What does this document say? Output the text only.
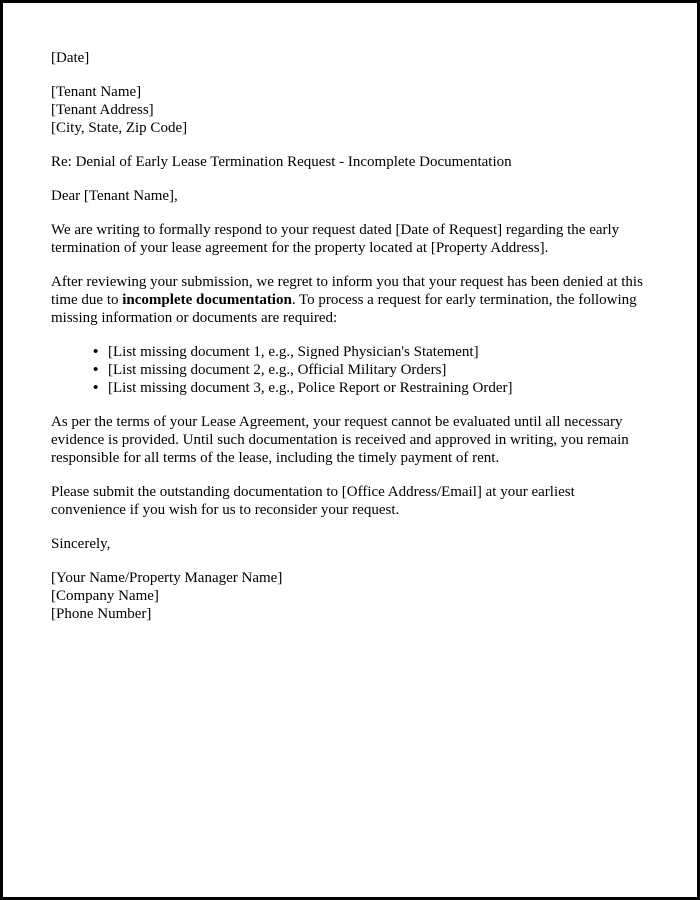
[Date]
[Tenant Name]
[Tenant Address]
[City, State, Zip Code]
Re: Denial of Early Lease Termination Request - Incomplete Documentation
Dear [Tenant Name],
We are writing to formally respond to your request dated [Date of Request] regarding the early termination of your lease agreement for the property located at [Property Address].
After reviewing your submission, we regret to inform you that your request has been denied at this time due to incomplete documentation. To process a request for early termination, the following missing information or documents are required:
• [List missing document 1, e.g., Signed Physician's Statement]
• [List missing document 2, e.g., Official Military Orders]
• [List missing document 3, e.g., Police Report or Restraining Order]
As per the terms of your Lease Agreement, your request cannot be evaluated until all necessary evidence is provided. Until such documentation is received and approved in writing, you remain responsible for all terms of the lease, including the timely payment of rent.
Please submit the outstanding documentation to [Office Address/Email] at your earliest convenience if you wish for us to reconsider your request.
Sincerely,
[Your Name/Property Manager Name]
[Company Name]
[Phone Number]
